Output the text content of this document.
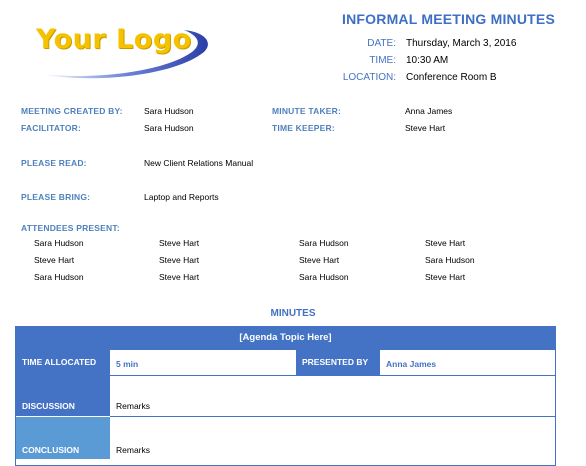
Your Logo
INFORMAL MEETING MINUTES
DATE: Thursday, March 3, 2016
TIME: 10:30 AM
LOCATION: Conference Room B
MEETING CREATED BY:	Sara Hudson	MINUTE TAKER:	Anna James
FACILITATOR:	Sara Hudson	TIME KEEPER:	Steve Hart
PLEASE READ:	New Client Relations Manual
PLEASE BRING:	Laptop and Reports
ATTENDEES PRESENT:
Sara Hudson	Steve Hart	Sara Hudson	Steve Hart
Steve Hart	Steve Hart	Steve Hart	Sara Hudson
Sara Hudson	Steve Hart	Sara Hudson	Steve Hart
MINUTES
[Agenda Topic Here]
TIME ALLOCATED	5 min	PRESENTED BY	Anna James
DISCUSSION	Remarks
CONCLUSION	Remarks
